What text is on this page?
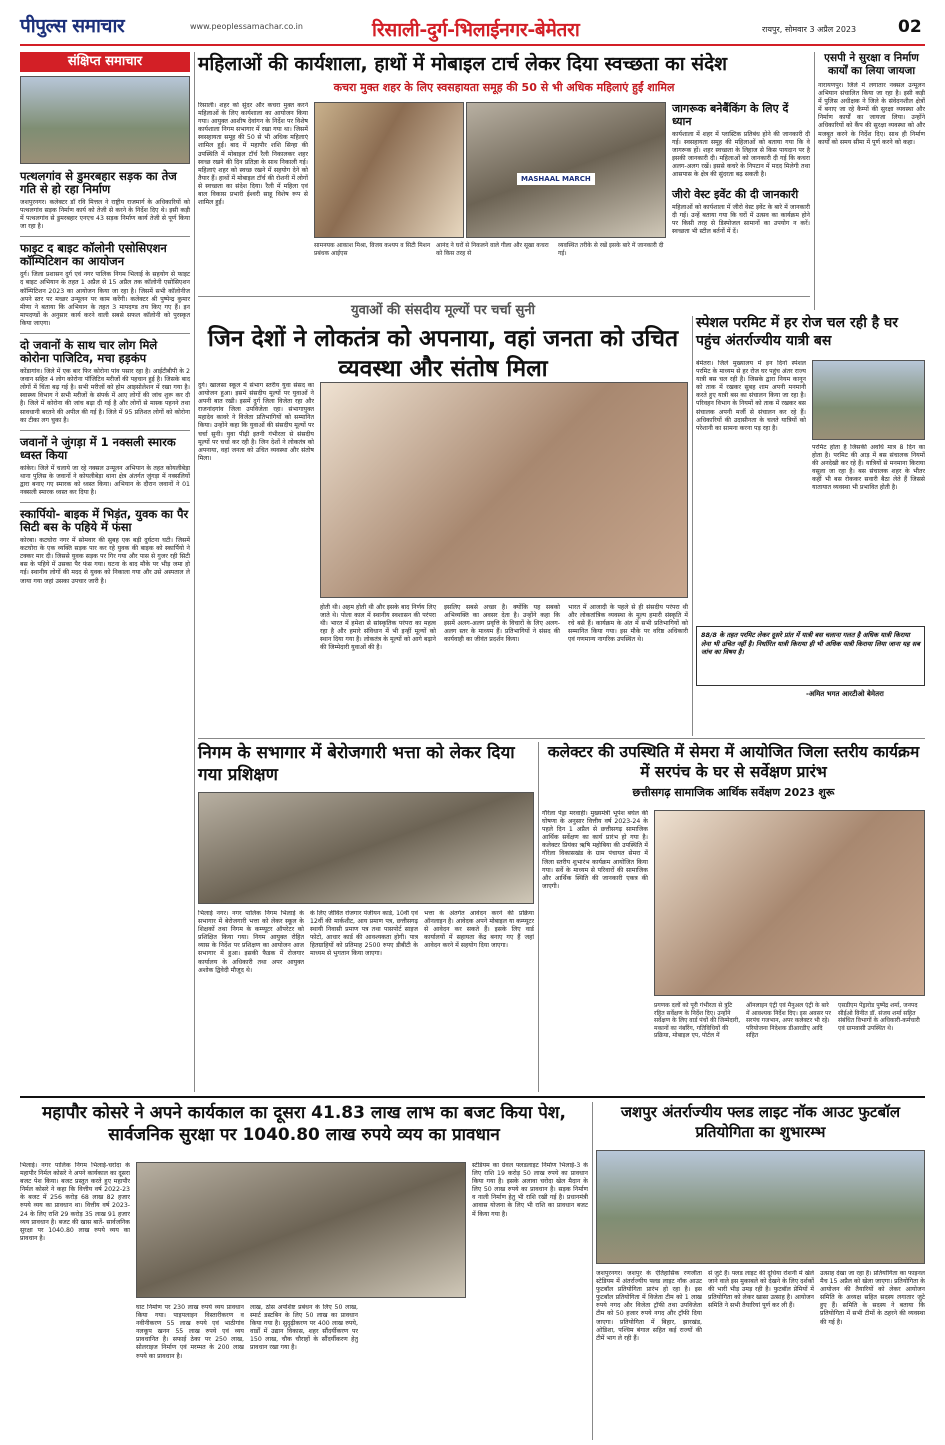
पीपुल्स समाचार	www.peoplessamachar.co.in	रिसाली-दुर्ग-भिलाईनगर-बेमेतरा	रायपुर, सोमवार 3 अप्रैल 2023 02
संक्षिप्त समाचार
पत्थलगांव से डुमरबहार सड़क का तेज गति से हो रहा निर्माण
जशपुरनगर। कलेक्टर डॉ रवि मित्तल ने राष्ट्रीय राजमार्ग के अधिकारियों को पत्थलगांव सड़क निर्माण कार्य को तेजी से करने के निर्देश दिए थे। इसी कड़ी में पत्थलगांव से डुमरबहार एनएच 43 सड़क निर्माण कार्य तेजी से पूर्ण किया जा रहा है।
फाइट द बाइट कॉलोनी एसोसिएशन कॉम्पिटिशन का आयोजन
दुर्ग। जिला प्रशासन दुर्ग एवं नगर पालिक निगम भिलाई के सहयोग से फाइट द बाइट अभियान के तहत 1 अप्रैल से 15 अप्रैल तक कॉलोनी एसोसिएशन कॉम्पिटिशन 2023 का आयोजन किया जा रहा है। जिसमें सभी कॉलोनीज अपने स्तर पर मच्छर उन्मूलन पर काम करेंगी। कलेक्टर श्री पुष्पेन्द्र कुमार मीणा ने बताया कि अभियान के तहत 3 मापदण्ड तय किए गए हैं। इन मापदण्डों के अनुसार कार्य करने वाली सबसे सफल कॉलोनी को पुरस्कृत किया जाएगा।
दो जवानों के साथ चार लोग मिले कोरोना पाजिटिव, मचा हड़कंप
कोंडागांव। जिले में एक बार फिर कोरोना पांव पसार रहा है। आईटीबीपी के 2 जवान सहित 4 लोग कोरोना पॉजिटिव मरीजों की पहचान हुई है। जिसके बाद लोगों में चिंता बढ़ गई है। सभी मरीजों को होम आइसोलेशन में रखा गया है। स्वास्थ्य विभाग ने सभी मरीजों के संपर्क में आए लोगों की जांच शुरू कर दी है। जिले में कोरोना की जांच बढ़ा दी गई है और लोगों से मास्क पहनने तथा सावधानी बरतने की अपील की गई है। जिले में 95 प्रतिशत लोगों को कोरोना का टीका लग चुका है।
जवानों ने जुंगड़ा में 1 नक्सली स्मारक ध्वस्त किया
कांकेर। जिले में चलाये जा रहे नक्सल उन्मूलन अभियान के तहत कोयलीबेड़ा थाना पुलिस के जवानों ने कोयलीबेड़ा थाना क्षेत्र अंतर्गत जुंगड़ा में नक्सलियों द्वारा बनाए गए स्मारक को ध्वस्त किया। अभियान के दौरान जवानों ने 01 नक्सली स्मारक ध्वस्त कर दिया है।
स्कार्पियो- बाइक में भिड़ंत, युवक का पैर सिटी बस के पहिये में फंसा
कोरबा। कटघोरा नगर में सोमवार की सुबह एक बड़ी दुर्घटना घटी। जिसमें कटघोरा के एक व्यक्ति सड़क पार कर रहे युवक की बाइक को स्कार्पियो ने टक्कर मार दी। जिससे युवक सड़क पर गिर गया और पास से गुजर रही सिटी बस के पहिये में उसका पैर फंस गया। घटना के बाद मौके पर भीड़ जमा हो गई। स्थानीय लोगों की मदद से युवक को निकाला गया और उसे अस्पताल ले जाया गया जहां उसका उपचार जारी है।
महिलाओं की कार्यशाला, हाथों में मोबाइल टार्च लेकर दिया स्वच्छता का संदेश
कचरा मुक्त शहर के लिए स्वसहायता समूह की 50 से भी अधिक महिलाएं हुईं शामिल
रिसाली। शहर को सुंदर और कचरा मुक्त करने महिलाओं के लिए कार्यशाला का आयोजन किया गया। आयुक्त आशीष देवांगन के निर्देश पर विशेष कार्यशाला निगम सभागार में रखा गया था। जिसमें स्वसहायता समूह की 50 से भी अधिक महिलाएं शामिल हुईं। बाद में महापौर शशि सिन्हा की उपस्थिति में मोबाइल टॉर्च रैली निकालकर शहर स्वच्छ रखने की दिन प्रतिज्ञा के साथ निकाली गई। महिलाएं शहर को स्वच्छ रखने में सहयोग देने को तैयार हैं। हाथों में मोबाइल टॉर्च की रोशनी में लोगों से स्वच्छता का संदेश दिया। रैली में महिला एवं बाल विकास प्रभारी ईश्वरी साहू विशेष रूप से शामिल हुईं।
MASHAAL MARCH
सामनयक आकाश मिश्रा, विजय कश्यप व सिटी मिशन प्रबंधक आईएस
आनंद ने घरों से निकलने वाले गीला और सूखा कचरा को किस तरह से
व्यवस्थित तरीके से रखें इसके बारे में जानकारी दी गई।
जागरूक बनेबैंकिंग के लिए दें ध्यान
कार्यशाला में शहर में प्लास्टिक प्रतिबंध होने की जानकारी दी गई। स्वसहायता समूह की महिलाओं को बताया गया कि वे जागरूक हों। शहर स्वच्छता के लिहाज से किस पायदान पर है इसकी जानकारी दी। महिलाओं को जानकारी दी गई कि कचरा अलग-अलग रखें। इससे कचरे के निपटान में मदद मिलेगी तथा आसपास के क्षेत्र की सुंदरता बढ़ सकती है।
जीरो वेस्ट इवेंट की दी जानकारी
महिलाओं को कार्यशाला में जीरो वेस्ट इवेंट के बारे में जानकारी दी गई। उन्हें बताया गया कि घरों में उत्सव का कार्यक्रम होने पर किसी तरह से डिस्पोजल सामानों का उपयोग न करें। स्वच्छता भी स्टील बर्तनों में दें।
एसपी ने सुरक्षा व निर्माण कार्यों का लिया जायजा
नारायणपुर। जिले में लगातार नक्सल उन्मूलन अभियान संचालित किया जा रहा है। इसी कड़ी में पुलिस अधीक्षक ने जिले के संवेदनशील क्षेत्रों में बनाए जा रहे कैम्पों की सुरक्षा व्यवस्था और निर्माण कार्यों का जायजा लिया। उन्होंने अधिकारियों को कैंप की सुरक्षा व्यवस्था को और मजबूत करने के निर्देश दिए। साथ ही निर्माण कार्यों को समय सीमा में पूर्ण करने को कहा।
युवाओं की संसदीय मूल्यों पर चर्चा सुनी
जिन देशों ने लोकतंत्र को अपनाया, वहां जनता को उचित व्यवस्था और संतोष मिला
दुर्ग। खालसा स्कूल में संभाग स्तरीय युवा संसद का आयोजन हुआ। इसमें संसदीय मूल्यों पर युवाओं ने अपनी बात रखी। इसमें दुर्ग जिला विजेता रहा और राजनांदगांव जिला उपविजेता रहा। संभागायुक्त महादेव कावरे ने विजेता प्रतिभागियों को सम्मानित किया। उन्होंने कहा कि युवाओं की संसदीय मूल्यों पर चर्चा सुनी। युवा पीढ़ी इतनी गंभीरता से संसदीय मूल्यों पर चर्चा कर रही है। जिन देशों ने लोकतंत्र को अपनाया, वहां जनता को उचित व्यवस्था और संतोष मिला।
होती थी। अहम होती थी और इसके बाद निर्णय लिए जाते थे। पोला काल में स्थानीय स्वशासन की परंपरा थी। भारत में हमेशा से सांस्कृतिक परंपरा का महत्व रहा है और हमारे संविधान में भी इन्हीं मूल्यों को स्थान दिया गया है। लोकतंत्र के मूल्यों को आगे बढ़ाने की जिम्मेदारी युवाओं की है।
इसलिए सबसे अच्छा है। क्योंकि यह सबको अभिव्यक्ति का अवसर देता है। उन्होंने कहा कि इसमें अलग-अलग प्रवृत्ति के विचारों के लिए अलग-अलग स्तर के माध्यम हैं। प्रतिभागियों ने संसद की कार्यवाही का जीवंत प्रदर्शन किया।
भारत में आजादी के पहले से ही संसदीय परंपरा थी और लोकतांत्रिक व्यवस्था के मूल्य हमारी संस्कृति में रचे बसे हैं। कार्यक्रम के अंत में सभी प्रतिभागियों को सम्मानित किया गया। इस मौके पर वरिष्ठ अधिकारी एवं गणमान्य नागरिक उपस्थित थे।
स्पेशल परमिट में हर रोज चल रही है घर पहुंच अंतर्राज्यीय यात्री बस
बेमेतरा। जिले मुख्यालय में इन दिनों स्पेशल परमिट के माध्यम से हर रोज घर पहुंच अंतर राज्य यात्री बस चल रही है। जिसके द्वारा नियम कानून को ताक में रखकर सुबह शाम अपनी मनमानी करते हुए यात्री बस का संचालन किया जा रहा है। परिवहन विभाग के नियमों को ताक में रखकर बस संचालक अपनी मर्जी से संचालन कर रहे हैं। अधिकारियों की उदासीनता के चलते यात्रियों को परेशानी का सामना करना पड़ रहा है।
परमिट होता है जिसकी अवधि मात्र 8 दिन का होता है। परमिट की आड़ में बस संचालक नियमों की अनदेखी कर रहे हैं। यात्रियों से मनमाना किराया वसूला जा रहा है। बस संचालक शहर के भीतर कहीं भी बस रोककर सवारी बैठा लेते हैं जिससे यातायात व्यवस्था भी प्रभावित होती है।
88/8 के तहत परमिट लेकर दूसरे प्रांत में यात्री बस चलाना गलत है अधिक यात्री किराया लेना भी उचित नहीं है। निर्धारित यात्री किराया ही भी अधिक यात्री किराया लिया जाना यह सब जांच का विषय है।
-अमित भगत आरटीओ बेमेतरा
निगम के सभागार में बेरोजगारी भत्ता को लेकर दिया गया प्रशिक्षण
भिलाई नगर। नगर पालिक निगम भिलाई के सभागार में बेरोजगारी भत्ता को लेकर स्कूल के शिक्षकों तथा निगम के कम्प्यूटर ऑपरेटर को प्रशिक्षित किया गया। निगम आयुक्त रोहित व्यास के निर्देश पर प्रशिक्षण का आयोजन आज सभागार में हुआ। इसकी फैडक में रोजगार कार्यालय के अधिकारी तथा अपर आयुक्त अशोक द्विवेदी मौजूद थे।
के लिए जीवित रोजगार पंजीयन कार्ड, 10वीं एवं 12वीं की मार्कशीट, आय प्रमाण पत्र, छत्तीसगढ़ स्थायी निवासी प्रमाण पत्र तथा पासपोर्ट साइज फोटो, आधार कार्ड की आवश्यकता होगी। पात्र हितग्राहियों को प्रतिमाह 2500 रुपए डीबीटी के माध्यम से भुगतान किया जाएगा।
भत्ता के अंतर्गत आवेदन करने की प्रक्रिया ऑनलाइन है। आवेदक अपने मोबाइल या कम्प्यूटर से आवेदन कर सकते हैं। इसके लिए वार्ड कार्यालयों में सहायता केंद्र बनाए गए हैं जहां आवेदन करने में सहयोग दिया जाएगा।
कलेक्टर की उपस्थिति में सेमरा में आयोजित जिला स्तरीय कार्यक्रम में सरपंच के घर से सर्वेक्षण प्रारंभ
छत्तीसगढ़ सामाजिक आर्थिक सर्वेक्षण 2023 शुरू
गौरेला पेंड्रा मरवाही। मुख्यमंत्री भूपेश बघेल की घोषणा के अनुसार वित्तीय वर्ष 2023-24 के पहले दिन 1 अप्रैल से छत्तीसगढ़ सामाजिक आर्थिक सर्वेक्षण का कार्य प्रारंभ हो गया है। कलेक्टर प्रियंका ऋषि महोबिया की उपस्थिति में गौरेला विकासखंड के ग्राम पंचायत सेमरा में जिला स्तरीय शुभारंभ कार्यक्रम आयोजित किया गया। सर्वे के माध्यम से परिवारों की सामाजिक और आर्थिक स्थिति की जानकारी एकत्र की जाएगी।
प्रगणक दलों को पूरी गंभीरता से त्रुटि रहित सर्वेक्षण के निर्देश दिए। उन्होंने सर्वेक्षण के लिए वार्ड पंचों की जिम्मेदारी, मकानों का नंबरिंग, गतिविधियों की प्रक्रिया, मोबाइल एप, पोर्टल में
ऑनलाइन एंट्री एवं मैनुअल एंट्री के बारे में आवश्यक निर्देश दिए। इस अवसर पर सरपंच गजभान, अपर कलेक्टर भी रहे। परियोजना निदेशक डीआरडीए आदि सहित
एसडीएम पेंड्रारोड पुष्पेंद्र शर्मा, जनपद सीईओ विनीत डॉ. संजय शर्मा सहित संबंधित विभागों के अधिकारी-कर्मचारी एवं ग्रामवासी उपस्थित थे।
महापौर कोसरे ने अपने कार्यकाल का दूसरा 41.83 लाख लाभ का बजट किया पेश, सार्वजनिक सुरक्षा पर 1040.80 लाख रुपये व्यय का प्रावधान
भिलाई। नगर पालिक निगम भिलाई-चरोदा के महापौर निर्मल कोसरे ने अपने कार्यकाल का दूसरा बजट पेश किया। बजट प्रस्तुत करते हुए महापौर निर्मल कोसरे ने कहा कि वित्तीय वर्ष 2022-23 के बजट में 256 करोड़ 68 लाख 82 हजार रुपये व्यय का प्रावधान था। वित्तीय वर्ष 2023-24 के लिए राशि 29 करोड़ 35 लाख 91 हजार व्यय प्रावधान है। बजट की खास बातें- सार्वजनिक सुरक्षा पर 1040.80 लाख रुपये व्यय का प्रावधान है।
घाट निर्माण पर 230 लाख रुपये व्यय प्रावधान किया गया। पाइपलाइन विस्तारीकरण व नवीनीकरण 55 लाख रुपये एवं भाठीगांव नलकूप खनन 55 लाख रुपये एवं व्यय प्रावधानित है। सफाई ठेका पर 250 लाख, सोलराइज निर्माण एवं मरम्मत के 200 लाख रुपये का प्रावधान है।
लाख, ठोस अपशिष्ट प्रबंधन के लिए 50 लाख, स्मार्ट डस्टबिन के लिए 50 लाख का प्रावधान किया गया है। सुदृढ़ीकरण पर 400 लाख रुपये, वार्डों में उद्यान विकास, शहर सौंदर्यीकरण पर 150 लाख, चौक चौराहों के सौंदर्यीकरण हेतु प्रावधान रखा गया है।
स्टेडियम का ग्रेवल फ्लडलाइट निर्माण भिलाई-3 के लिए राशि 19 करोड़ 50 लाख रुपये का प्रावधान किया गया है। इसके अलावा चरोदा खेल मैदान के लिए 50 लाख रुपये का प्रावधान है। सड़क निर्माण व नाली निर्माण हेतु भी राशि रखी गई है। प्रधानमंत्री आवास योजना के लिए भी राशि का प्रावधान बजट में किया गया है।
जशपुर अंतर्राज्यीय फ्लड लाइट नॉक आउट फुटबॉल प्रतियोगिता का शुभारम्भ
जशपुरनगर। जशपुर के ऐतिहासिक रणजीता स्टेडियम में अंतर्राज्यीय फ्लड लाइट नॉक आउट फुटबॉल प्रतियोगिता प्रारंभ हो रहा है। इस फुटबॉल प्रतियोगिता में विजेता टीम को 1 लाख रुपये नगद और विजेता ट्रॉफी तथा उपविजेता टीम को 50 हजार रुपये नगद और ट्रॉफी दिया जाएगा। प्रतियोगिता में बिहार, झारखंड, ओडिशा, पश्चिम बंगाल सहित कई राज्यों की टीमें भाग ले रही हैं।
से जुटे हैं। फ्लड लाइट की दूधिया रोशनी में खेले जाने वाले इस मुकाबले को देखने के लिए दर्शकों की भारी भीड़ उमड़ रही है। फुटबॉल प्रेमियों में प्रतियोगिता को लेकर खासा उत्साह है। आयोजन समिति ने सभी तैयारियां पूर्ण कर ली हैं।
उत्साह देखा जा रहा है। प्रतियोगिता का फाइनल मैच 15 अप्रैल को खेला जाएगा। प्रतियोगिता के आयोजन की तैयारियों को लेकर आयोजन समिति के अध्यक्ष सहित सदस्य लगातार जुटे हुए हैं। समिति के सदस्य ने बताया कि प्रतियोगिता में सभी टीमों के ठहरने की व्यवस्था की गई है।
